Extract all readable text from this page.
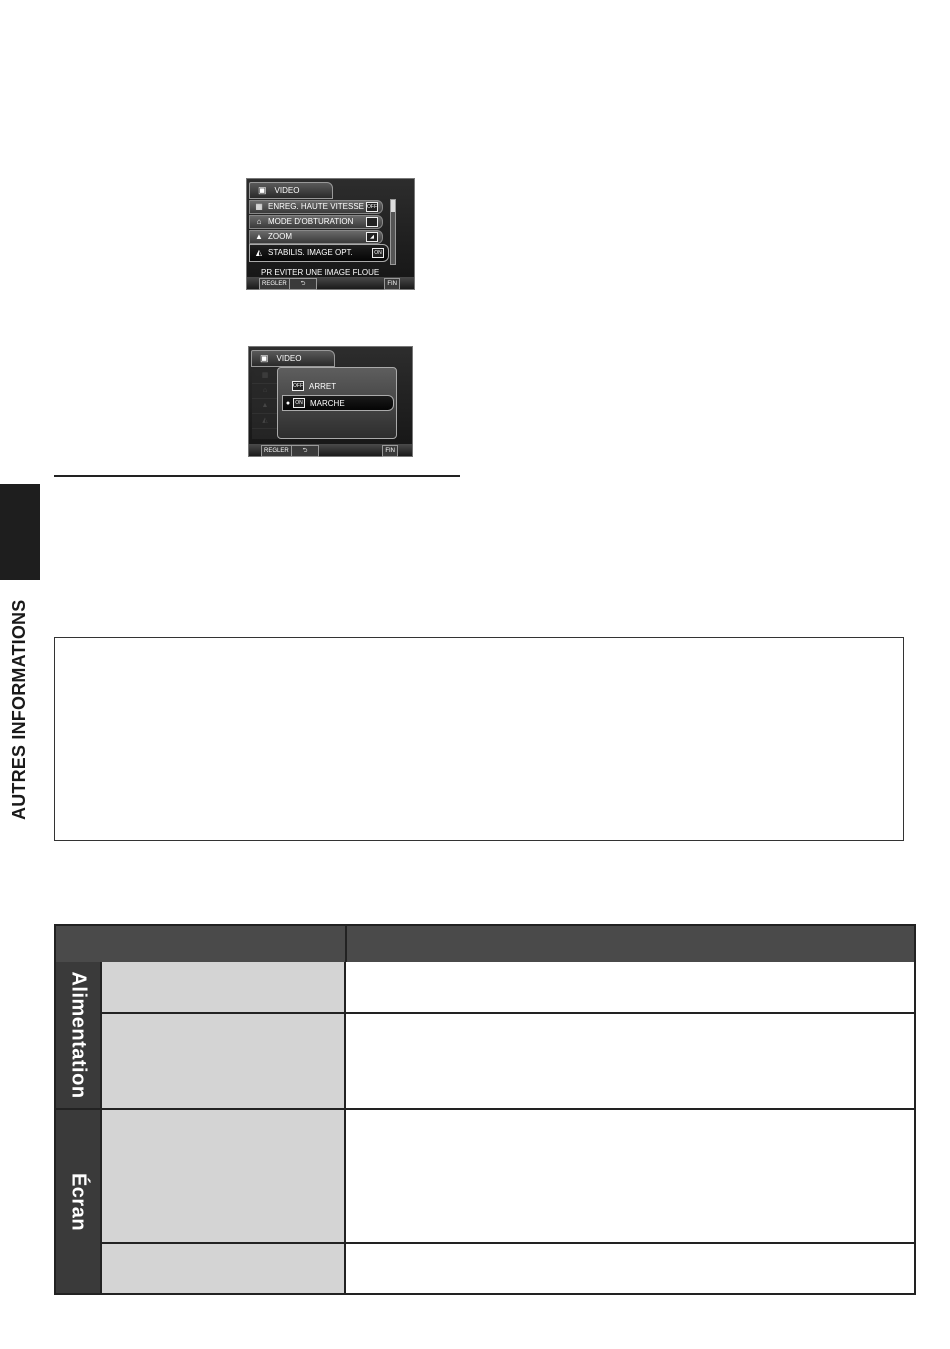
AUTRES INFORMATIONS
▣ VIDEO
▦ ENREG. HAUTE VITESSE OFF
⌂ MODE D'OBTURATION
▲ ZOOM	◢
◭ STABILIS. IMAGE OPT.	ON
PR EVITER UNE IMAGE FLOUE
REGLER	⮌	FIN
▣ VIDEO
▦
⌂
▲
◭
OFF ARRET
●	ON MARCHE
REGLER	⮌	FIN
Alimentation
Écran
